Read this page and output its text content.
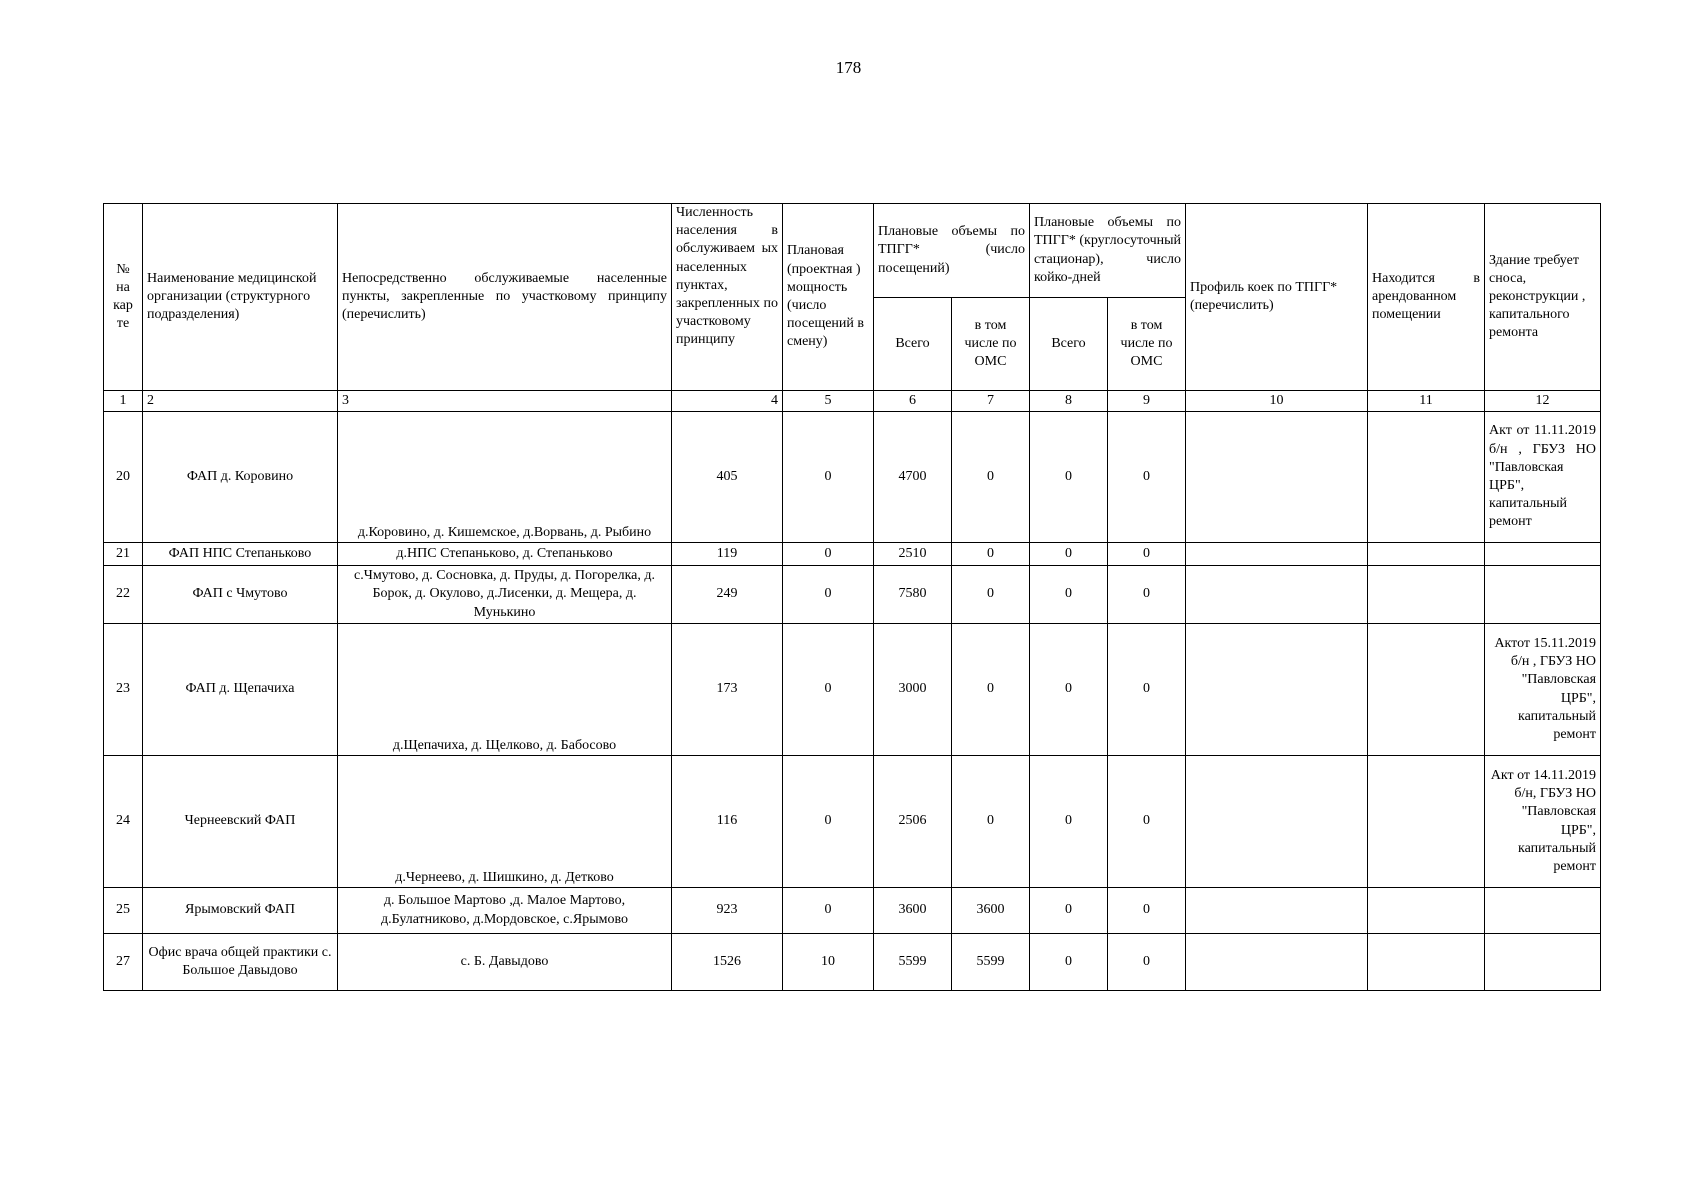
178
№ на кар те	Наименование медицинской организации (структурного подразделения)	Непосредственно обслуживаемые населенные пункты, закрепленные по участковому принципу (перечислить)	Численность населения в обслуживаем ых населенных пунктах, закрепленных по участковому принципу	Плановая (проектная ) мощность (число посещений в смену)	Плановые объемы по ТПГГ* (число посещений)		Плановые объемы по ТПГГ* (круглосуточный стационар), число койко-дней		Профиль коек по ТПГГ* (перечислить)	Находится в арендованном помещении	Здание требует сноса, реконструкции , капитального ремонта
					Всего	в том числе по ОМС	Всего	в том числе по ОМС			
1	2	3	4	5	6	7	8	9	10	11	12
20	ФАП д. Коровино	д.Коровино, д. Кишемское, д.Ворвань, д. Рыбино	405	0	4700	0	0	0			Акт от 11.11.2019 б/н , ГБУЗ НО "Павловская ЦРБ", капитальный ремонт
21	ФАП НПС Степаньково	д.НПС Степаньково, д. Степаньково	119	0	2510	0	0	0			
22	ФАП с Чмутово	с.Чмутово, д. Сосновка, д. Пруды, д. Погорелка, д. Борок, д. Окулово, д.Лисенки, д. Мещера, д. Мунькино	249	0	7580	0	0	0			
23	ФАП д. Щепачиха	д.Щепачиха, д. Щелково, д. Бабосово	173	0	3000	0	0	0			Актот 15.11.2019 б/н , ГБУЗ НО "Павловская ЦРБ", капитальный ремонт
24	Чернеевский ФАП	д.Чернеево, д. Шишкино, д. Детково	116	0	2506	0	0	0			Акт от 14.11.2019 б/н, ГБУЗ НО "Павловская ЦРБ", капитальный ремонт
25	Ярымовский ФАП	д. Большое Мартово ,д. Малое Мартово, д.Булатниково, д.Мордовское, с.Ярымово	923	0	3600	3600	0	0			
27	Офис врача общей практики с. Большое Давыдово	с. Б. Давыдово	1526	10	5599	5599	0	0			
